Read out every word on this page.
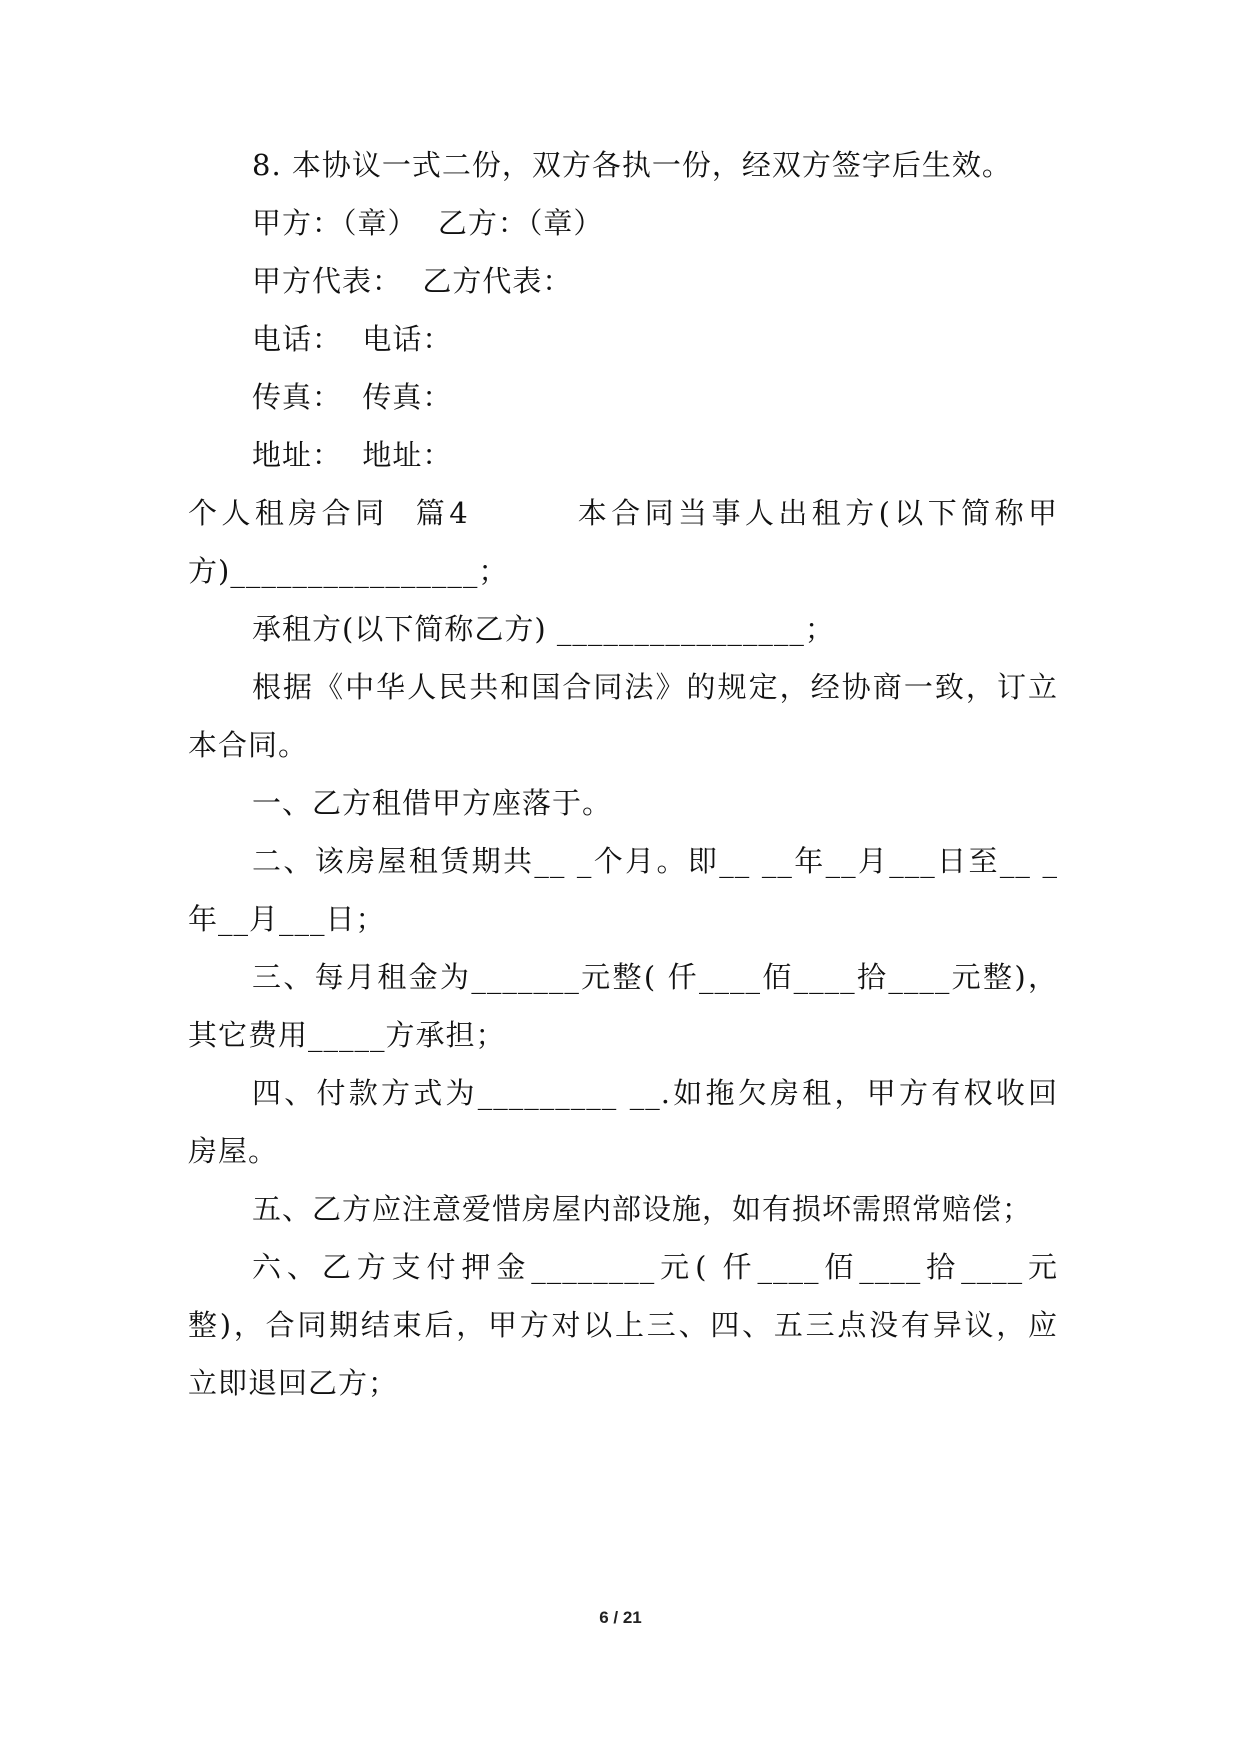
8. 本协议一式二份，双方各执一份，经双方签字后生效。
甲方：（章）  乙方：（章）
甲方代表：  乙方代表：
电话：  电话：
传真：  传真：
地址：  地址：
个人租房合同  篇4        本合同当事人出租方(以下简称甲
方)________________；
承租方(以下简称乙方) ________________；
根据《中华人民共和国合同法》的规定，经协商一致，订立
本合同。
一、乙方租借甲方座落于。
二、该房屋租赁期共__ _个月。即__ __年__月___日至__ _
年__月___日；
三、每月租金为_______元整( 仟____佰____拾____元整)，
其它费用_____方承担；
四、付款方式为_________ __.如拖欠房租，甲方有权收回
房屋。
五、乙方应注意爱惜房屋内部设施，如有损坏需照常赔偿；
六、乙方支付押金________元( 仟____佰____拾____元
整)，合同期结束后，甲方对以上三、四、五三点没有异议，应
立即退回乙方；
6 / 21
